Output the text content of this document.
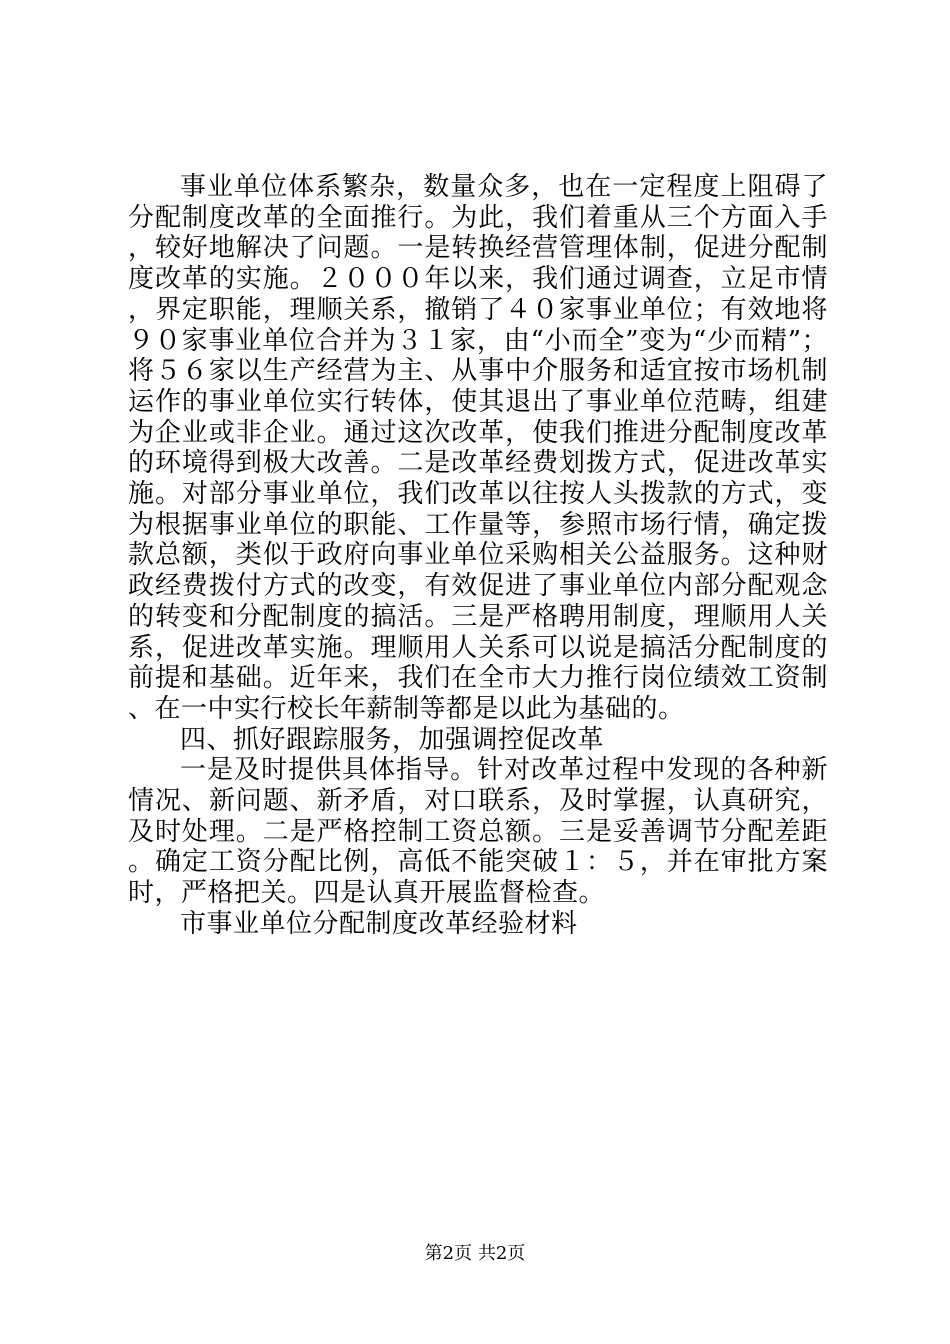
事业单位体系繁杂，数量众多，也在一定程度上阻碍了分配制度改革的全面推行。为此，我们着重从三个方面入手，较好地解决了问题。一是转换经营管理体制，促进分配制度改革的实施。２０００年以来，我们通过调查，立足市情，界定职能，理顺关系，撤销了４０家事业单位；有效地将９０家事业单位合并为３１家，由“小而全”变为“少而精”；将５６家以生产经营为主、从事中介服务和适宜按市场机制运作的事业单位实行转体，使其退出了事业单位范畴，组建为企业或非企业。通过这次改革，使我们推进分配制度改革的环境得到极大改善。二是改革经费划拨方式，促进改革实施。对部分事业单位，我们改革以往按人头拨款的方式，变为根据事业单位的职能、工作量等，参照市场行情，确定拨款总额，类似于政府向事业单位采购相关公益服务。这种财政经费拨付方式的改变，有效促进了事业单位内部分配观念的转变和分配制度的搞活。三是严格聘用制度，理顺用人关系，促进改革实施。理顺用人关系可以说是搞活分配制度的前提和基础。近年来，我们在全市大力推行岗位绩效工资制、在一中实行校长年薪制等都是以此为基础的。

四、抓好跟踪服务，加强调控促改革

一是及时提供具体指导。针对改革过程中发现的各种新情况、新问题、新矛盾，对口联系，及时掌握，认真研究，及时处理。二是严格控制工资总额。三是妥善调节分配差距。确定工资分配比例，高低不能突破１：５，并在审批方案时，严格把关。四是认真开展监督检查。

市事业单位分配制度改革经验材料

第2页 共2页
